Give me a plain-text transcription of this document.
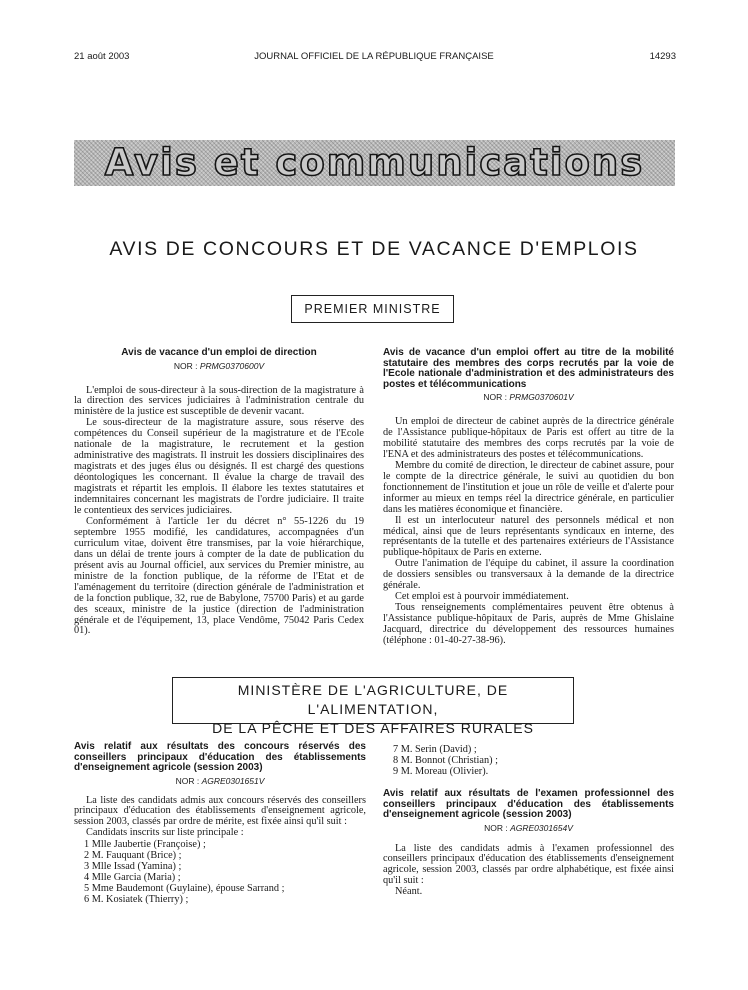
21 août 2003	JOURNAL OFFICIEL DE LA RÉPUBLIQUE FRANÇAISE	14293
Avis et communications
AVIS DE CONCOURS ET DE VACANCE D'EMPLOIS
PREMIER MINISTRE
Avis de vacance d'un emploi de direction
NOR : PRMG0370600V

L'emploi de sous-directeur à la sous-direction de la magistrature à la direction des services judiciaires à l'administration centrale du ministère de la justice est susceptible de devenir vacant.

Le sous-directeur de la magistrature assure, sous réserve des compétences du Conseil supérieur de la magistrature et de l'Ecole nationale de la magistrature, le recrutement et la gestion administrative des magistrats. Il instruit les dossiers disciplinaires des magistrats et des juges élus ou désignés. Il est chargé des questions déontologiques les concernant. Il évalue la charge de travail des magistrats et répartit les emplois. Il élabore les textes statutaires et indemnitaires concernant les magistrats de l'ordre judiciaire. Il traite le contentieux des services judiciaires.

Conformément à l'article 1er du décret n° 55-1226 du 19 septembre 1955 modifié, les candidatures, accompagnées d'un curriculum vitae, doivent être transmises, par la voie hiérarchique, dans un délai de trente jours à compter de la date de publication du présent avis au Journal officiel, aux services du Premier ministre, au ministre de la fonction publique, de la réforme de l'Etat et de l'aménagement du territoire (direction générale de l'administration et de la fonction publique, 32, rue de Babylone, 75700 Paris) et au garde des sceaux, ministre de la justice (direction de l'administration générale et de l'équipement, 13, place Vendôme, 75042 Paris Cedex 01).

Avis de vacance d'un emploi offert au titre de la mobilité statutaire des membres des corps recrutés par la voie de l'Ecole nationale d'administration et des administrateurs des postes et télécommunications
NOR : PRMG0370601V

Un emploi de directeur de cabinet auprès de la directrice générale de l'Assistance publique-hôpitaux de Paris est offert au titre de la mobilité statutaire des membres des corps recrutés par la voie de l'ENA et des administrateurs des postes et télécommunications.

Membre du comité de direction, le directeur de cabinet assure, pour le compte de la directrice générale, le suivi au quotidien du bon fonctionnement de l'institution et joue un rôle de veille et d'alerte pour informer au mieux en temps réel la directrice générale, en particulier dans les matières économique et financière.

Il est un interlocuteur naturel des personnels médical et non médical, ainsi que de leurs représentants syndicaux en interne, des représentants de la tutelle et des partenaires extérieurs de l'Assistance publique-hôpitaux de Paris en externe.

Outre l'animation de l'équipe du cabinet, il assure la coordination de dossiers sensibles ou transversaux à la demande de la directrice générale.

Cet emploi est à pourvoir immédiatement.

Tous renseignements complémentaires peuvent être obtenus à l'Assistance publique-hôpitaux de Paris, auprès de Mme Ghislaine Jacquard, directrice du développement des ressources humaines (téléphone : 01-40-27-38-96).

MINISTÈRE DE L'AGRICULTURE, DE L'ALIMENTATION,
DE LA PÊCHE ET DES AFFAIRES RURALES
Avis relatif aux résultats des concours réservés des conseillers principaux d'éducation des établissements d'enseignement agricole (session 2003)
NOR : AGRE0301651V

La liste des candidats admis aux concours réservés des conseillers principaux d'éducation des établissements d'enseignement agricole, session 2003, classés par ordre de mérite, est fixée ainsi qu'il suit :

Candidats inscrits sur liste principale :

1 Mlle Jaubertie (Françoise) ;
2 M. Fauquant (Brice) ;
3 Mlle Issad (Yamina) ;
4 Mlle Garcia (Maria) ;
5 Mme Baudemont (Guylaine), épouse Sarrand ;
6 M. Kosiatek (Thierry) ;
7 M. Serin (David) ;
8 M. Bonnot (Christian) ;
9 M. Moreau (Olivier).
Avis relatif aux résultats de l'examen professionnel des conseillers principaux d'éducation des établissements d'enseignement agricole (session 2003)
NOR : AGRE0301654V

La liste des candidats admis à l'examen professionnel des conseillers principaux d'éducation des établissements d'enseignement agricole, session 2003, classés par ordre alphabétique, est fixée ainsi qu'il suit :

Néant.
